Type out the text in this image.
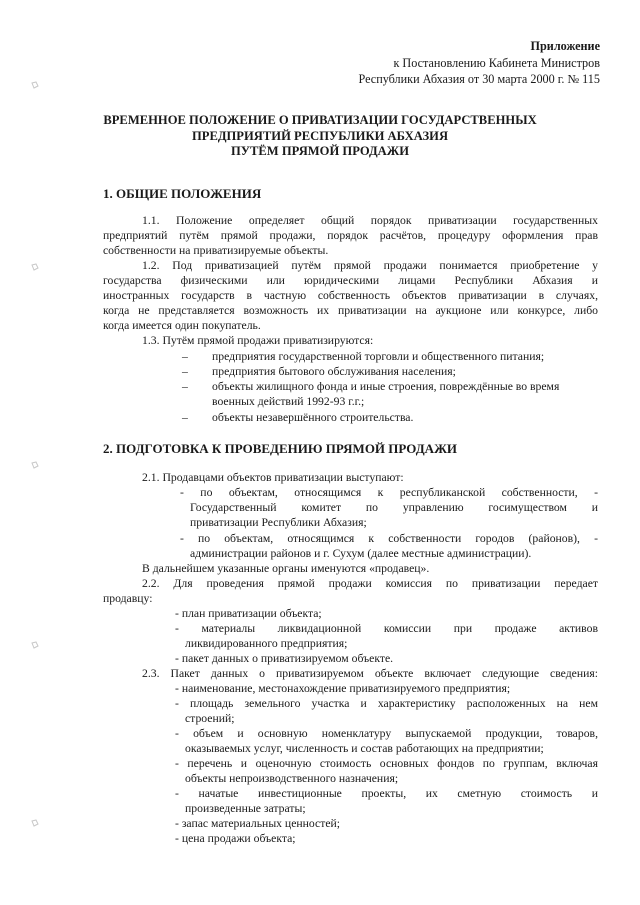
Приложение
к Постановлению Кабинета Министров
Республики Абхазия от 30 марта 2000 г. № 115
ВРЕМЕННОЕ ПОЛОЖЕНИЕ О ПРИВАТИЗАЦИИ ГОСУДАРСТВЕННЫХ
ПРЕДПРИЯТИЙ РЕСПУБЛИКИ АБХАЗИЯ
ПУТЁМ ПРЯМОЙ ПРОДАЖИ
1. ОБЩИЕ ПОЛОЖЕНИЯ
1.1. Положение определяет общий порядок приватизации государственных
предприятий путём прямой продажи, порядок расчётов, процедуру оформления прав
собственности на приватизируемые объекты.
1.2. Под приватизацией путём прямой продажи понимается приобретение у
государства физическими или юридическими лицами Республики Абхазия и
иностранных государств в частную собственность объектов приватизации в случаях,
когда не представляется возможность их приватизации на аукционе или конкурсе, либо
когда имеется один покупатель.
1.3. Путём прямой продажи приватизируются:
– предприятия государственной торговли и общественного питания;
– предприятия бытового обслуживания населения;
– объекты жилищного фонда и иные строения, повреждённые во время
военных действий 1992-93 г.г.;
– объекты незавершённого строительства.
2. ПОДГОТОВКА К ПРОВЕДЕНИЮ ПРЯМОЙ ПРОДАЖИ
2.1. Продавцами объектов приватизации выступают:
- по объектам, относящимся к республиканской собственности, -
Государственный комитет по управлению госимуществом и
приватизации Республики Абхазия;
- по объектам, относящимся к собственности городов (районов), -
администрации районов и г. Сухум (далее местные администрации).
В дальнейшем указанные органы именуются «продавец».
2.2. Для проведения прямой продажи комиссия по приватизации передает
продавцу:
- план приватизации объекта;
- материалы ликвидационной комиссии при продаже активов
ликвидированного предприятия;
- пакет данных о приватизируемом объекте.
2.3. Пакет данных о приватизируемом объекте включает следующие сведения:
- наименование, местонахождение приватизируемого предприятия;
- площадь земельного участка и характеристику расположенных на нем
строений;
- объем и основную номенклатуру выпускаемой продукции, товаров,
оказываемых услуг, численность и состав работающих на предприятии;
- перечень и оценочную стоимость основных фондов по группам, включая
объекты непроизводственного назначения;
- начатые инвестиционные проекты, их сметную стоимость и
произведенные затраты;
- запас материальных ценностей;
- цена продажи объекта;
